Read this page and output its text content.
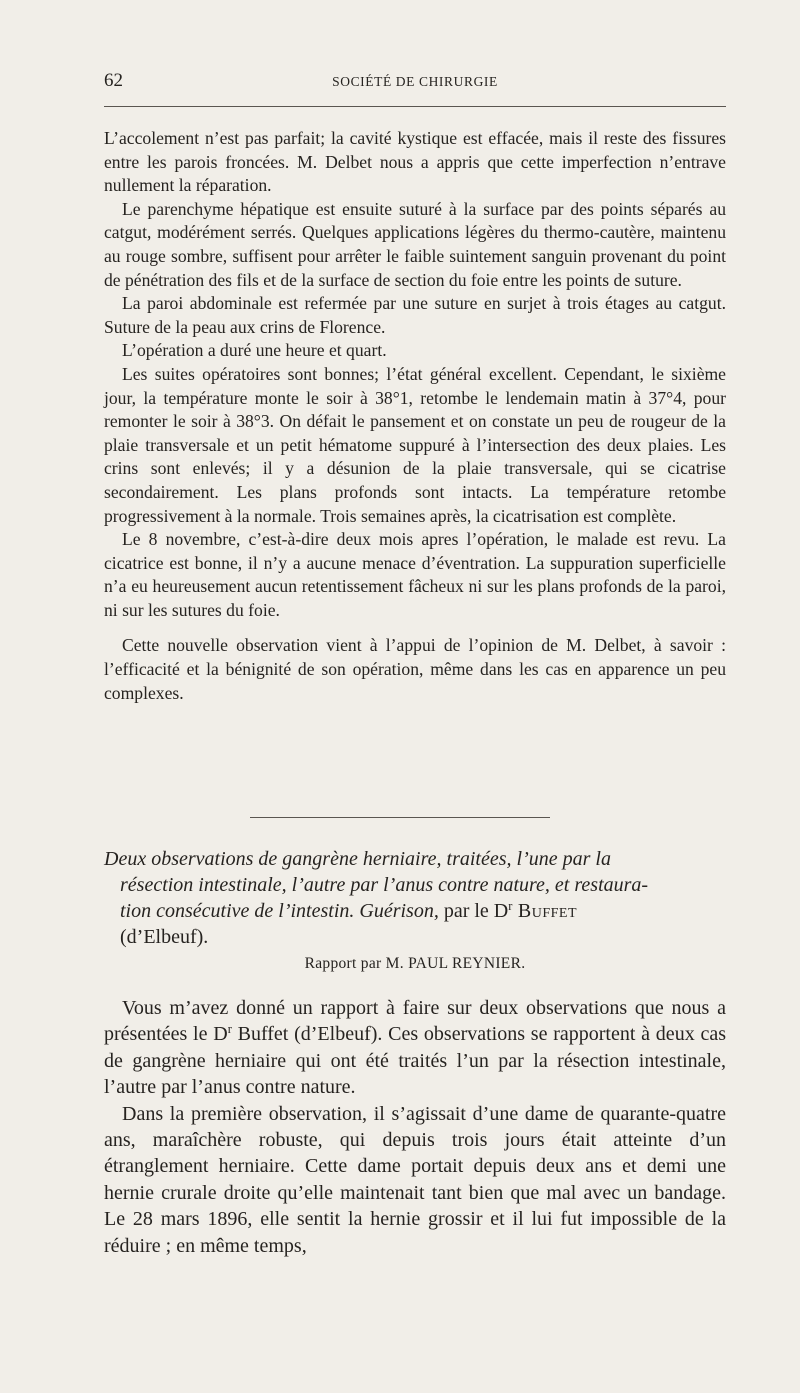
62	SOCIÉTÉ DE CHIRURGIE

L’accolement n’est pas parfait; la cavité kystique est effacée, mais il reste des fissures entre les parois froncées. M. Delbet nous a appris que cette imperfection n’entrave nullement la réparation.

Le parenchyme hépatique est ensuite suturé à la surface par des points séparés au catgut, modérément serrés. Quelques applications légères du thermo-cautère, maintenu au rouge sombre, suffisent pour arrêter le faible suintement sanguin provenant du point de pénétration des fils et de la surface de section du foie entre les points de suture.

La paroi abdominale est refermée par une suture en surjet à trois étages au catgut. Suture de la peau aux crins de Florence.

L’opération a duré une heure et quart.

Les suites opératoires sont bonnes; l’état général excellent. Cependant, le sixième jour, la température monte le soir à 38°1, retombe le lendemain matin à 37°4, pour remonter le soir à 38°3. On défait le pansement et on constate un peu de rougeur de la plaie transversale et un petit hématome suppuré à l’intersection des deux plaies. Les crins sont enlevés; il y a désunion de la plaie transversale, qui se cicatrise secondairement. Les plans profonds sont intacts. La température retombe progressivement à la normale. Trois semaines après, la cicatrisation est complète.

Le 8 novembre, c’est-à-dire deux mois apres l’opération, le malade est revu. La cicatrice est bonne, il n’y a aucune menace d’éventration. La suppuration superficielle n’a eu heureusement aucun retentissement fâcheux ni sur les plans profonds de la paroi, ni sur les sutures du foie.

Cette nouvelle observation vient à l’appui de l’opinion de M. Delbet, à savoir : l’efficacité et la bénignité de son opération, même dans les cas en apparence un peu complexes.

Deux observations de gangrène herniaire, traitées, l’une par la
résection intestinale, l’autre par l’anus contre nature, et restaura-
tion consécutive de l’intestin. Guérison, par le $D^r$ Buffet
(d’Elbeuf).
Rapport par M. PAUL REYNIER.

Vous m’avez donné un rapport à faire sur deux observations que nous a présentées le $D^r$ Buffet (d’Elbeuf). Ces observations se rapportent à deux cas de gangrène herniaire qui ont été traités l’un par la résection intestinale, l’autre par l’anus contre nature.

Dans la première observation, il s’agissait d’une dame de quarante-quatre ans, maraîchère robuste, qui depuis trois jours était atteinte d’un étranglement herniaire. Cette dame portait depuis deux ans et demi une hernie crurale droite qu’elle maintenait tant bien que mal avec un bandage. Le 28 mars 1896, elle sentit la hernie grossir et il lui fut impossible de la réduire ; en même temps,
